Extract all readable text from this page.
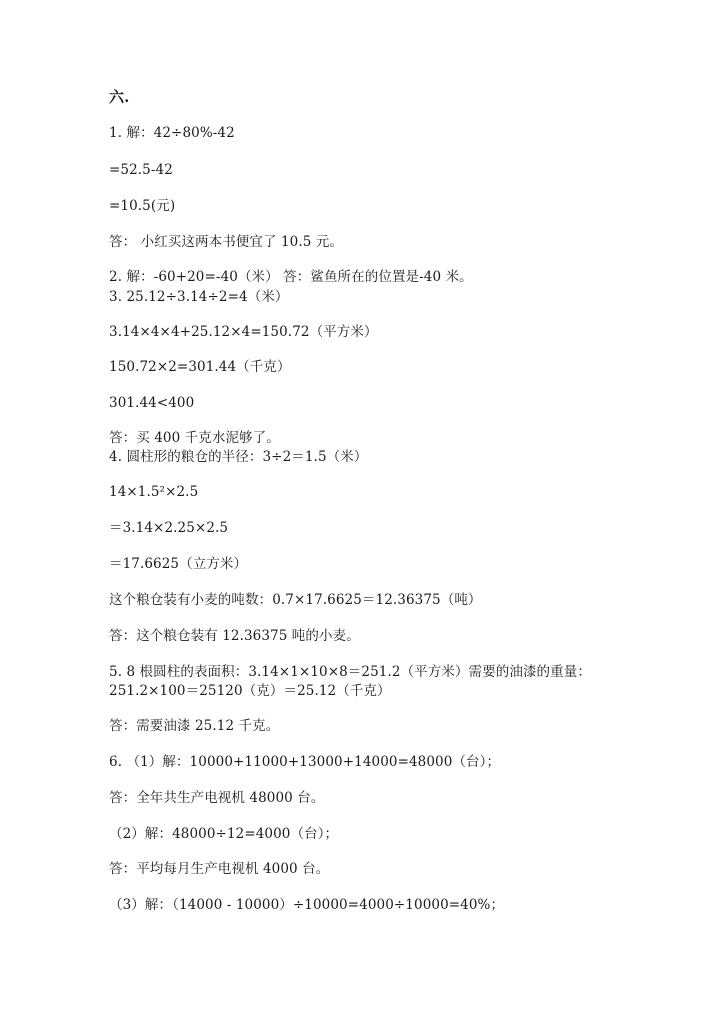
六.
1. 解：42÷80%-42
=52.5-42
=10.5(元)
答： 小红买这两本书便宜了 10.5 元。
2. 解：-60+20=-40（米） 答：鲨鱼所在的位置是-40 米。
3. 25.12÷3.14÷2=4（米）
3.14×4×4+25.12×4=150.72（平方米）
150.72×2=301.44（千克）
301.44<400
答：买 400 千克水泥够了。
4. 圆柱形的粮仓的半径：3÷2＝1.5（米）
14×1.5²×2.5
＝3.14×2.25×2.5
＝17.6625（立方米）
这个粮仓装有小麦的吨数：0.7×17.6625＝12.36375（吨）
答：这个粮仓装有 12.36375 吨的小麦。
5. 8 根圆柱的表面积：3.14×1×10×8＝251.2（平方米）需要的油漆的重量：
251.2×100＝25120（克）＝25.12（千克）
答：需要油漆 25.12 千克。
6. （1）解：10000+11000+13000+14000=48000（台）；
答：全年共生产电视机 48000 台。
（2）解：48000÷12=4000（台）；
答：平均每月生产电视机 4000 台。
（3）解：（14000 - 10000）÷10000=4000÷10000=40%；
